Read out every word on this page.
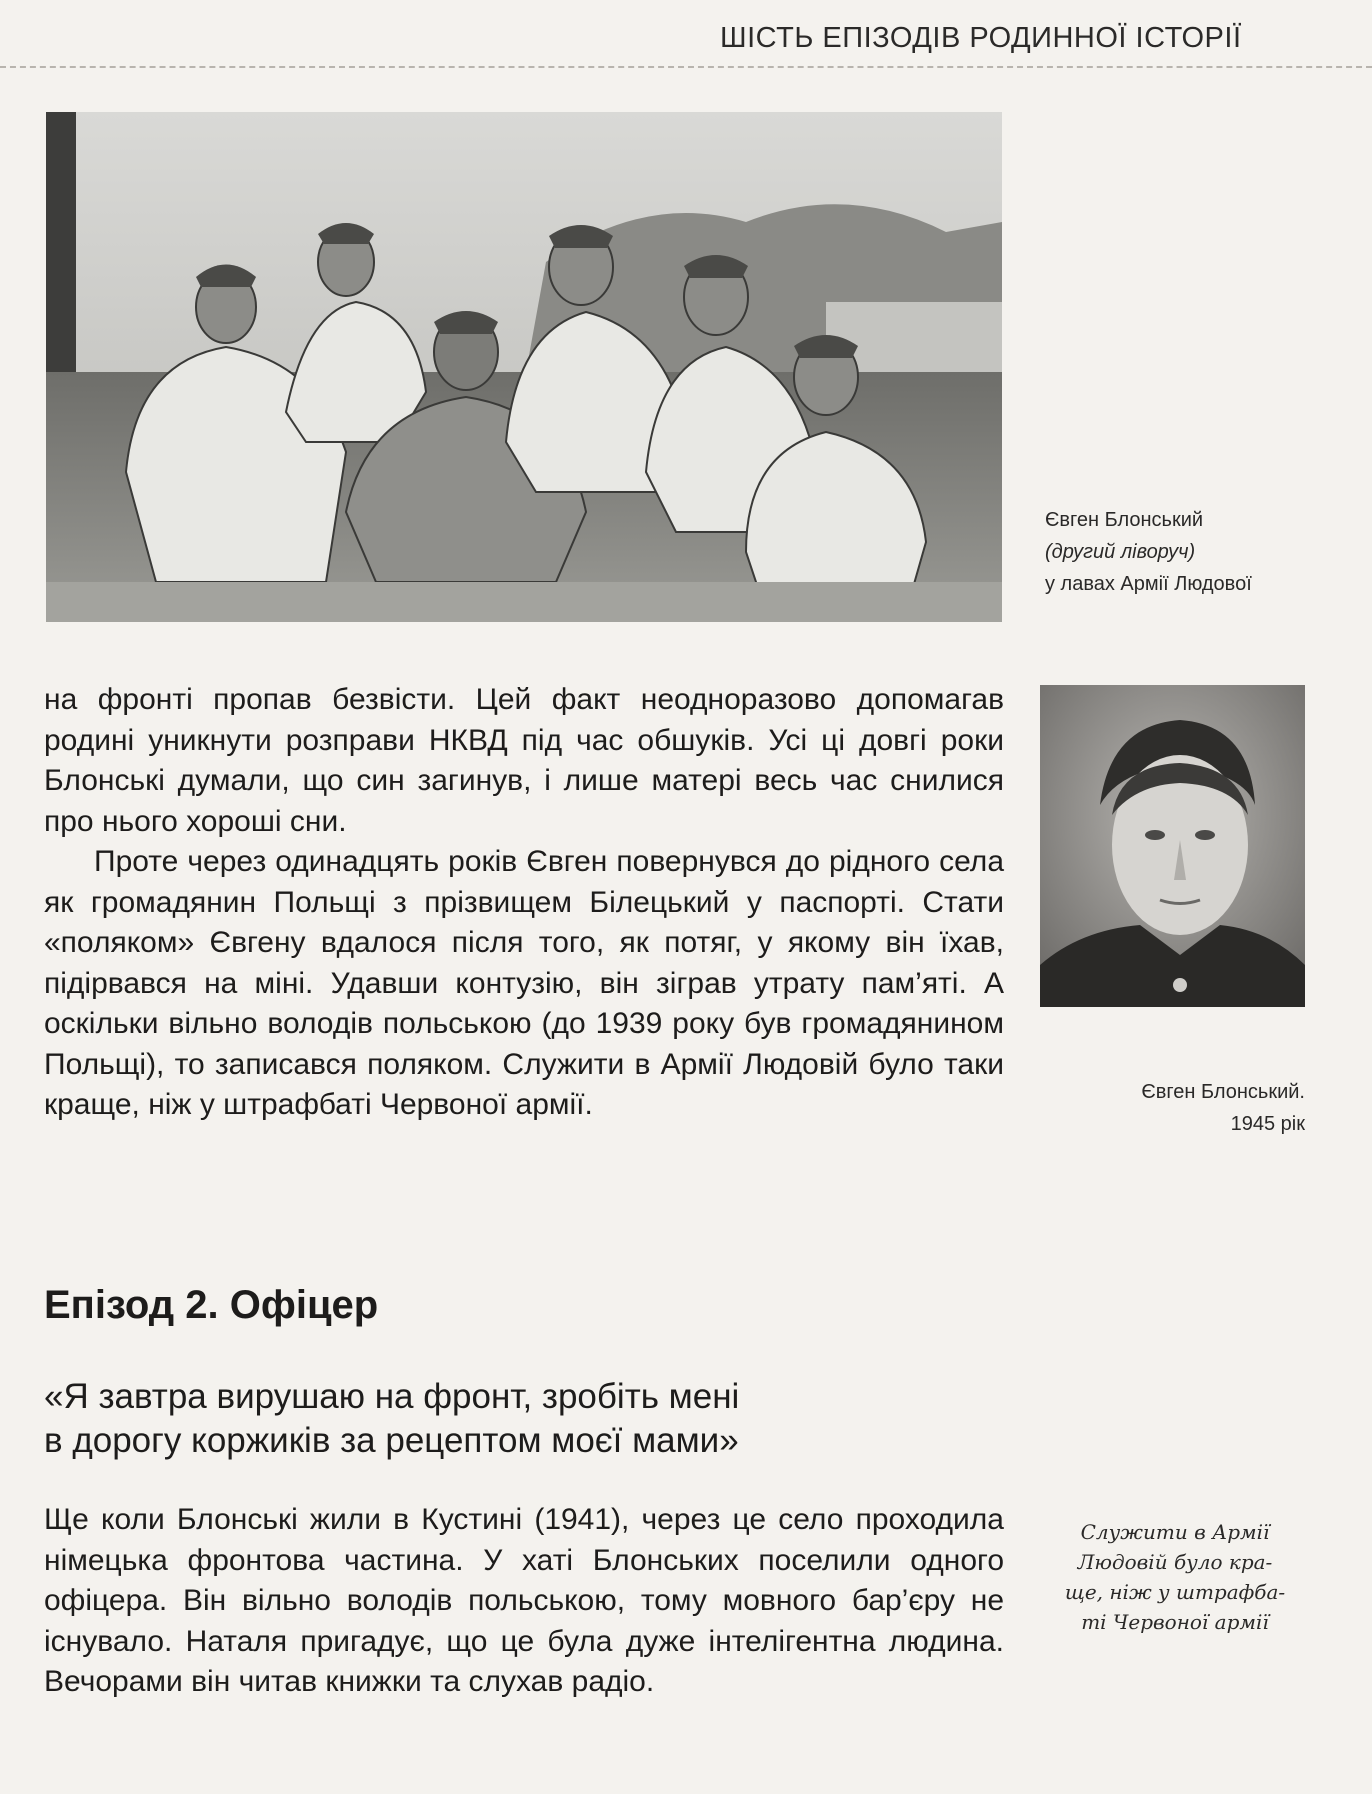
ШІСТЬ ЕПІЗОДІВ РОДИННОЇ ІСТОРІЇ
Євген Блонський
(другий ліворуч)
у лавах Армії Людової
Євген Блонський.
1945 рік

на фронті пропав безвісти. Цей факт неодноразово допомагав родині уникнути розправи НКВД під час обшуків. Усі ці довгі роки Блонські думали, що син загинув, і лише матері весь час снилися про нього хороші сни.

Проте через одинадцять років Євген повернувся до рідного села як громадянин Польщі з прізвищем Білецький у паспорті. Стати «поляком» Євгену вдалося після того, як потяг, у якому він їхав, підірвався на міні. Удавши контузію, він зіграв утрату пам’яті. А оскільки вільно володів польською (до 1939 року був громадянином Польщі), то записався поляком. Служити в Армії Людовій було таки краще, ніж у штрафбаті Червоної армії.

Епізод 2. Офіцер
«Я завтра вирушаю на фронт, зробіть мені
в дорогу коржиків за рецептом моєї мами»

Ще коли Блонські жили в Кустині (1941), через це село проходила німецька фронтова частина. У хаті Блонських поселили одного офіцера. Він вільно володів польською, тому мовного бар’єру не існувало. Наталя пригадує, що це була дуже інтелігентна людина. Вечорами він читав книжки та слухав радіо.

Служити в Армії
Людовій було кра-
ще, ніж у штрафба-
ті Червоної армії
